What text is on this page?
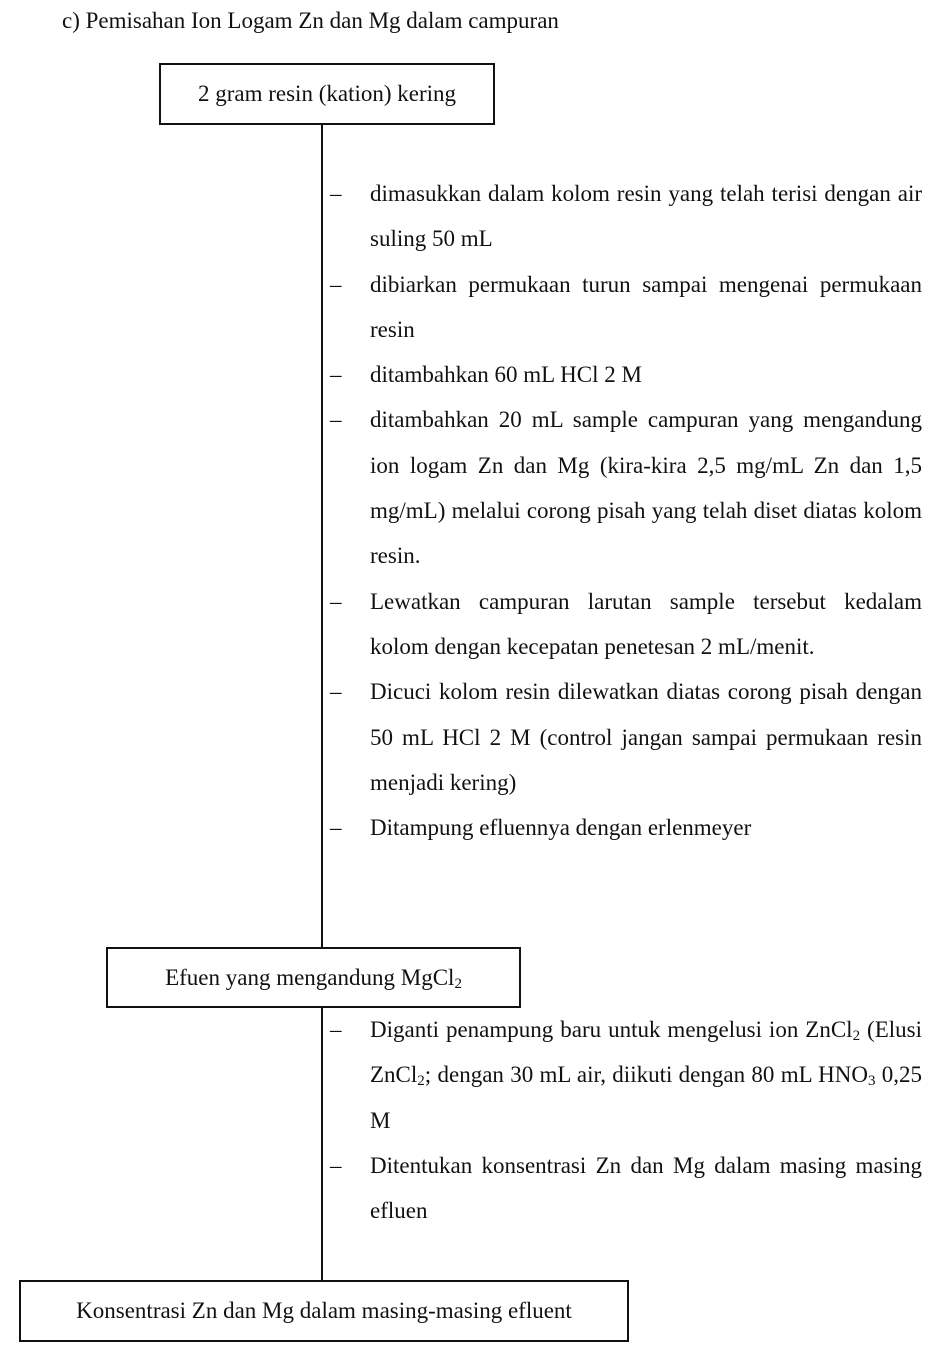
c) Pemisahan Ion Logam Zn dan Mg dalam campuran
2 gram resin (kation) kering
– dimasukkan dalam kolom resin yang telah terisi dengan air suling 50 mL
– dibiarkan permukaan turun sampai mengenai permukaan resin
– ditambahkan 60 mL HCl 2 M
– ditambahkan 20 mL sample campuran yang mengandung ion logam Zn dan Mg (kira-kira 2,5 mg/mL Zn dan 1,5 mg/mL) melalui corong pisah yang telah diset diatas kolom resin.
– Lewatkan campuran larutan sample tersebut kedalam kolom dengan kecepatan penetesan 2 mL/menit.
– Dicuci kolom resin dilewatkan diatas corong pisah dengan 50 mL HCl 2 M (control jangan sampai permukaan resin menjadi kering)
– Ditampung efluennya dengan erlenmeyer
Efuen yang mengandung MgCl$_2$
– Diganti penampung baru untuk mengelusi ion ZnCl$_2$ (Elusi ZnCl$_2$; dengan 30 mL air, diikuti dengan 80 mL $HNO_3$ 0,25 M
– Ditentukan konsentrasi Zn dan Mg dalam masing masing efluen
Konsentrasi Zn dan Mg dalam masing-masing efluent
